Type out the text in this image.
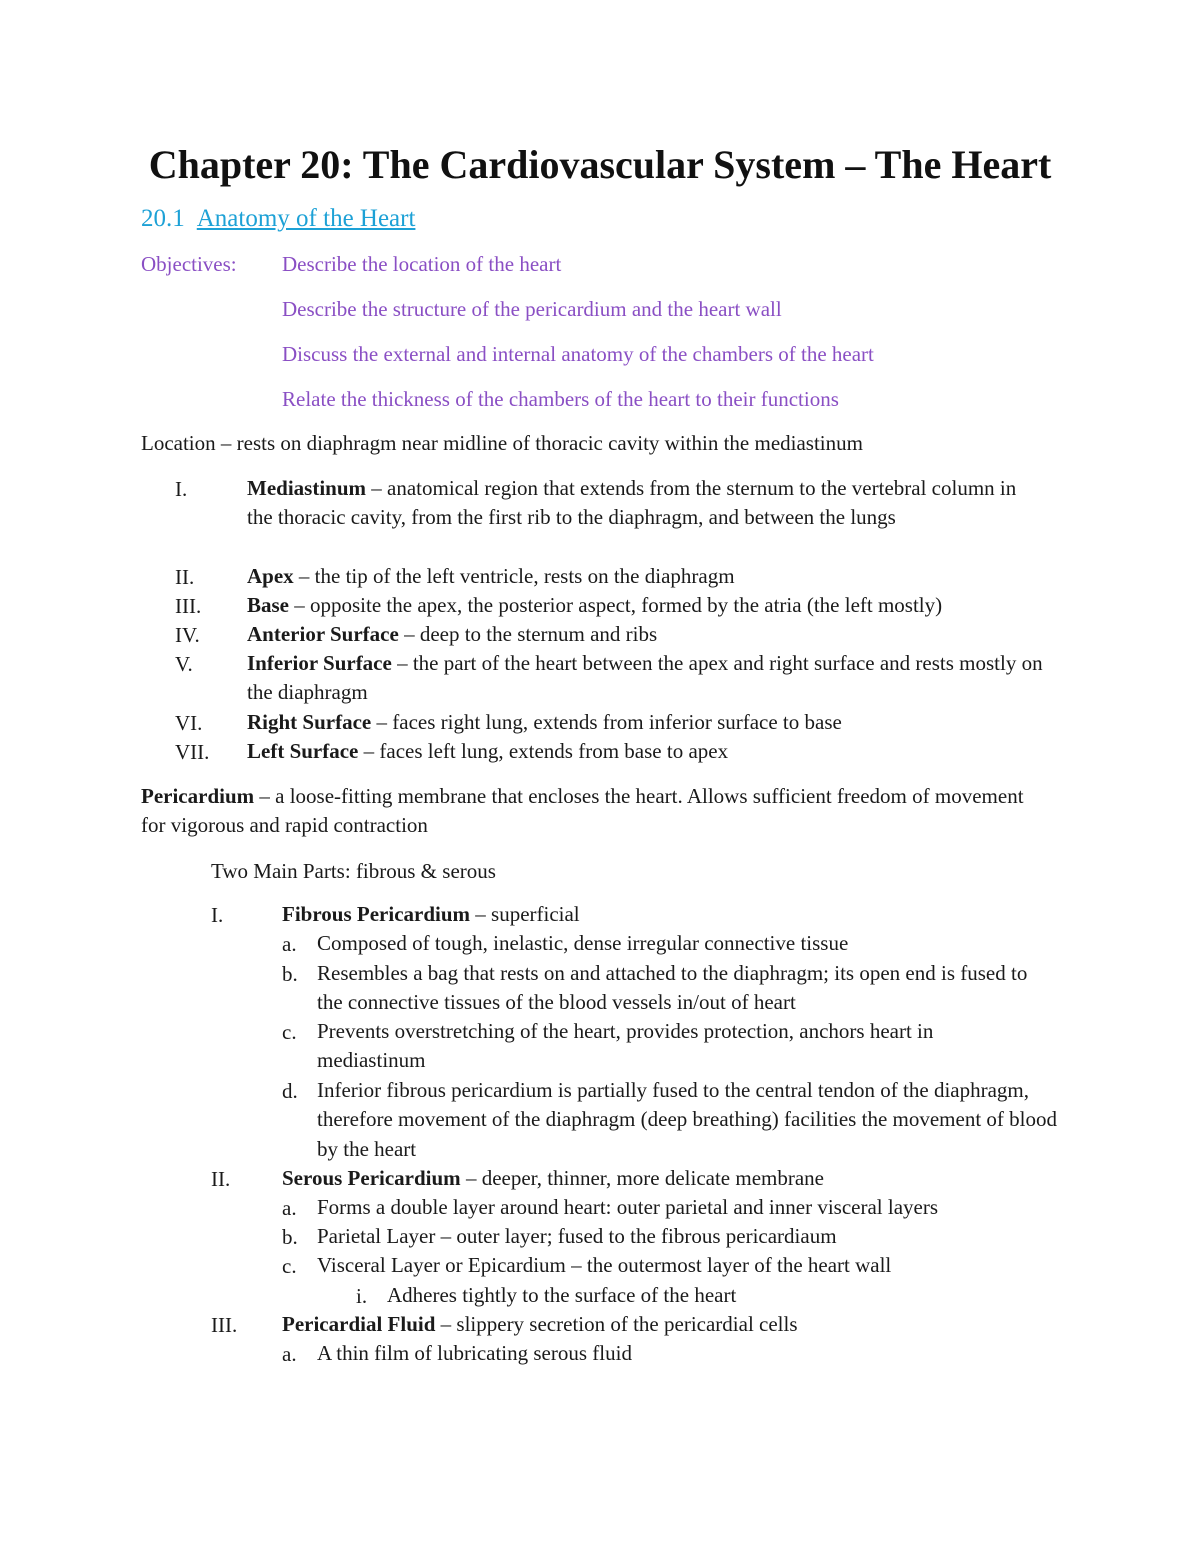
Chapter 20: The Cardiovascular System – The Heart
20.1 Anatomy of the Heart
Objectives: Describe the location of the heart
Describe the structure of the pericardium and the heart wall
Discuss the external and internal anatomy of the chambers of the heart
Relate the thickness of the chambers of the heart to their functions
Location – rests on diaphragm near midline of thoracic cavity within the mediastinum
I.	Mediastinum – anatomical region that extends from the sternum to the vertebral column in the thoracic cavity, from the first rib to the diaphragm, and between the lungs
II.	Apex – the tip of the left ventricle, rests on the diaphragm
III. Base – opposite the apex, the posterior aspect, formed by the atria (the left mostly)
IV. Anterior Surface – deep to the sternum and ribs
V.	Inferior Surface – the part of the heart between the apex and right surface and rests mostly on the diaphragm
VI. Right Surface – faces right lung, extends from inferior surface to base
VII. Left Surface – faces left lung, extends from base to apex
Pericardium – a loose-fitting membrane that encloses the heart. Allows sufficient freedom of movement for vigorous and rapid contraction
Two Main Parts: fibrous & serous
I.	Fibrous Pericardium – superficial
a. Composed of tough, inelastic, dense irregular connective tissue
b. Resembles a bag that rests on and attached to the diaphragm; its open end is fused to the connective tissues of the blood vessels in/out of heart
c. Prevents overstretching of the heart, provides protection, anchors heart in mediastinum
d. Inferior fibrous pericardium is partially fused to the central tendon of the diaphragm, therefore movement of the diaphragm (deep breathing) facilities the movement of blood by the heart
II. Serous Pericardium – deeper, thinner, more delicate membrane
a. Forms a double layer around heart: outer parietal and inner visceral layers
b. Parietal Layer – outer layer; fused to the fibrous pericardiaum
c. Visceral Layer or Epicardium – the outermost layer of the heart wall
i. Adheres tightly to the surface of the heart
III. Pericardial Fluid – slippery secretion of the pericardial cells
a. A thin film of lubricating serous fluid
